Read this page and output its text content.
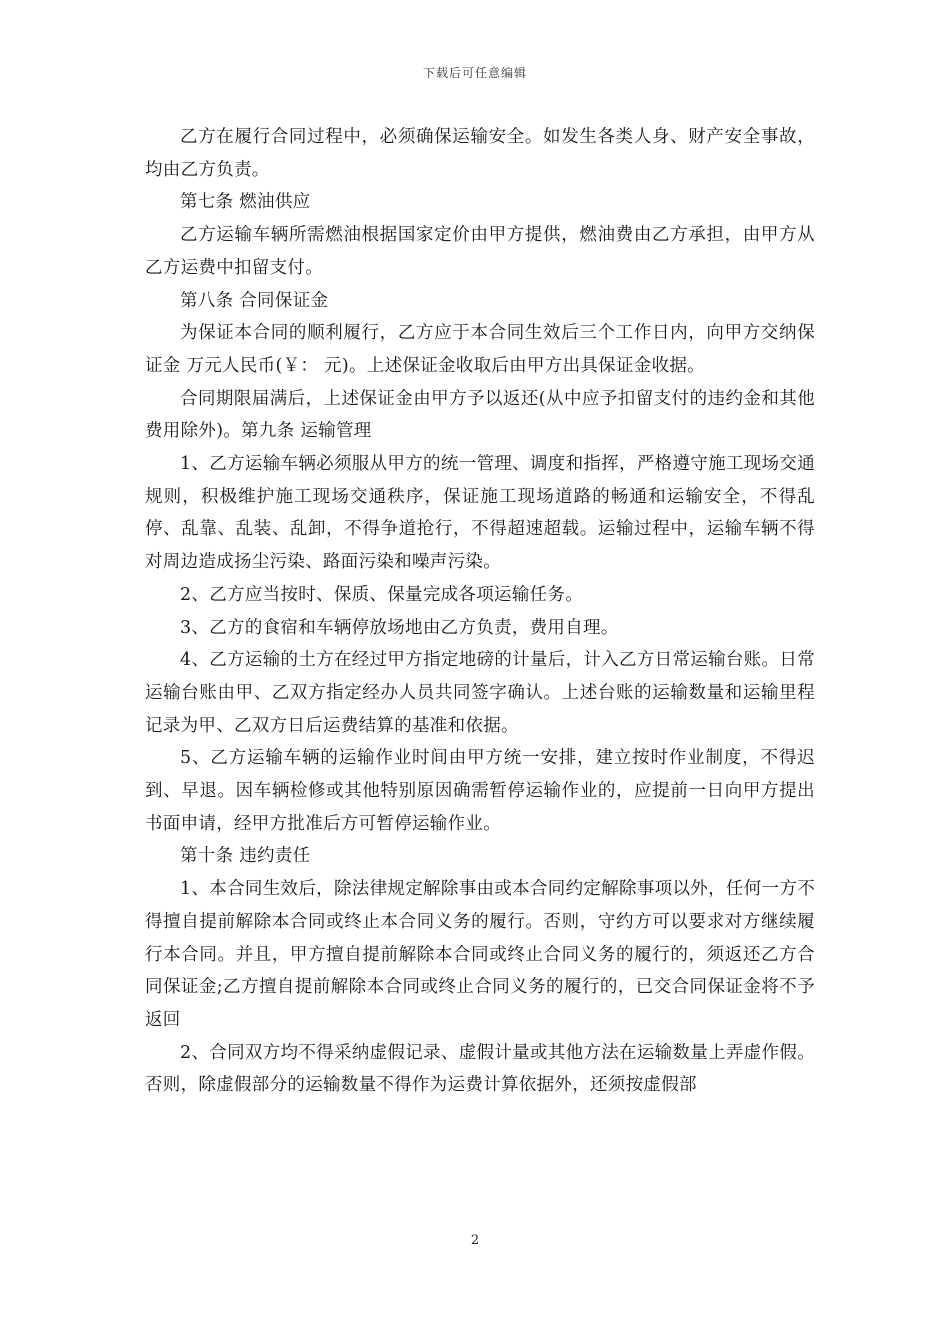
下载后可任意编辑

乙方在履行合同过程中，必须确保运输安全。如发生各类人身、财产安全事故，均由乙方负责。

第七条 燃油供应

乙方运输车辆所需燃油根据国家定价由甲方提供，燃油费由乙方承担，由甲方从乙方运费中扣留支付。

第八条 合同保证金

为保证本合同的顺利履行，乙方应于本合同生效后三个工作日内，向甲方交纳保证金 万元人民币(￥： 元)。上述保证金收取后由甲方出具保证金收据。

合同期限届满后，上述保证金由甲方予以返还(从中应予扣留支付的违约金和其他费用除外)。第九条 运输管理

1、乙方运输车辆必须服从甲方的统一管理、调度和指挥，严格遵守施工现场交通规则，积极维护施工现场交通秩序，保证施工现场道路的畅通和运输安全，不得乱停、乱靠、乱装、乱卸，不得争道抢行，不得超速超载。运输过程中，运输车辆不得对周边造成扬尘污染、路面污染和噪声污染。

2、乙方应当按时、保质、保量完成各项运输任务。

3、乙方的食宿和车辆停放场地由乙方负责，费用自理。

4、乙方运输的土方在经过甲方指定地磅的计量后，计入乙方日常运输台账。日常运输台账由甲、乙双方指定经办人员共同签字确认。上述台账的运输数量和运输里程记录为甲、乙双方日后运费结算的基准和依据。

5、乙方运输车辆的运输作业时间由甲方统一安排，建立按时作业制度，不得迟到、早退。因车辆检修或其他特别原因确需暂停运输作业的，应提前一日向甲方提出书面申请，经甲方批准后方可暂停运输作业。

第十条 违约责任

1、本合同生效后，除法律规定解除事由或本合同约定解除事项以外，任何一方不得擅自提前解除本合同或终止本合同义务的履行。否则，守约方可以要求对方继续履行本合同。并且，甲方擅自提前解除本合同或终止合同义务的履行的，须返还乙方合同保证金;乙方擅自提前解除本合同或终止合同义务的履行的，已交合同保证金将不予返回

2、合同双方均不得采纳虚假记录、虚假计量或其他方法在运输数量上弄虚作假。否则，除虚假部分的运输数量不得作为运费计算依据外，还须按虚假部

2
